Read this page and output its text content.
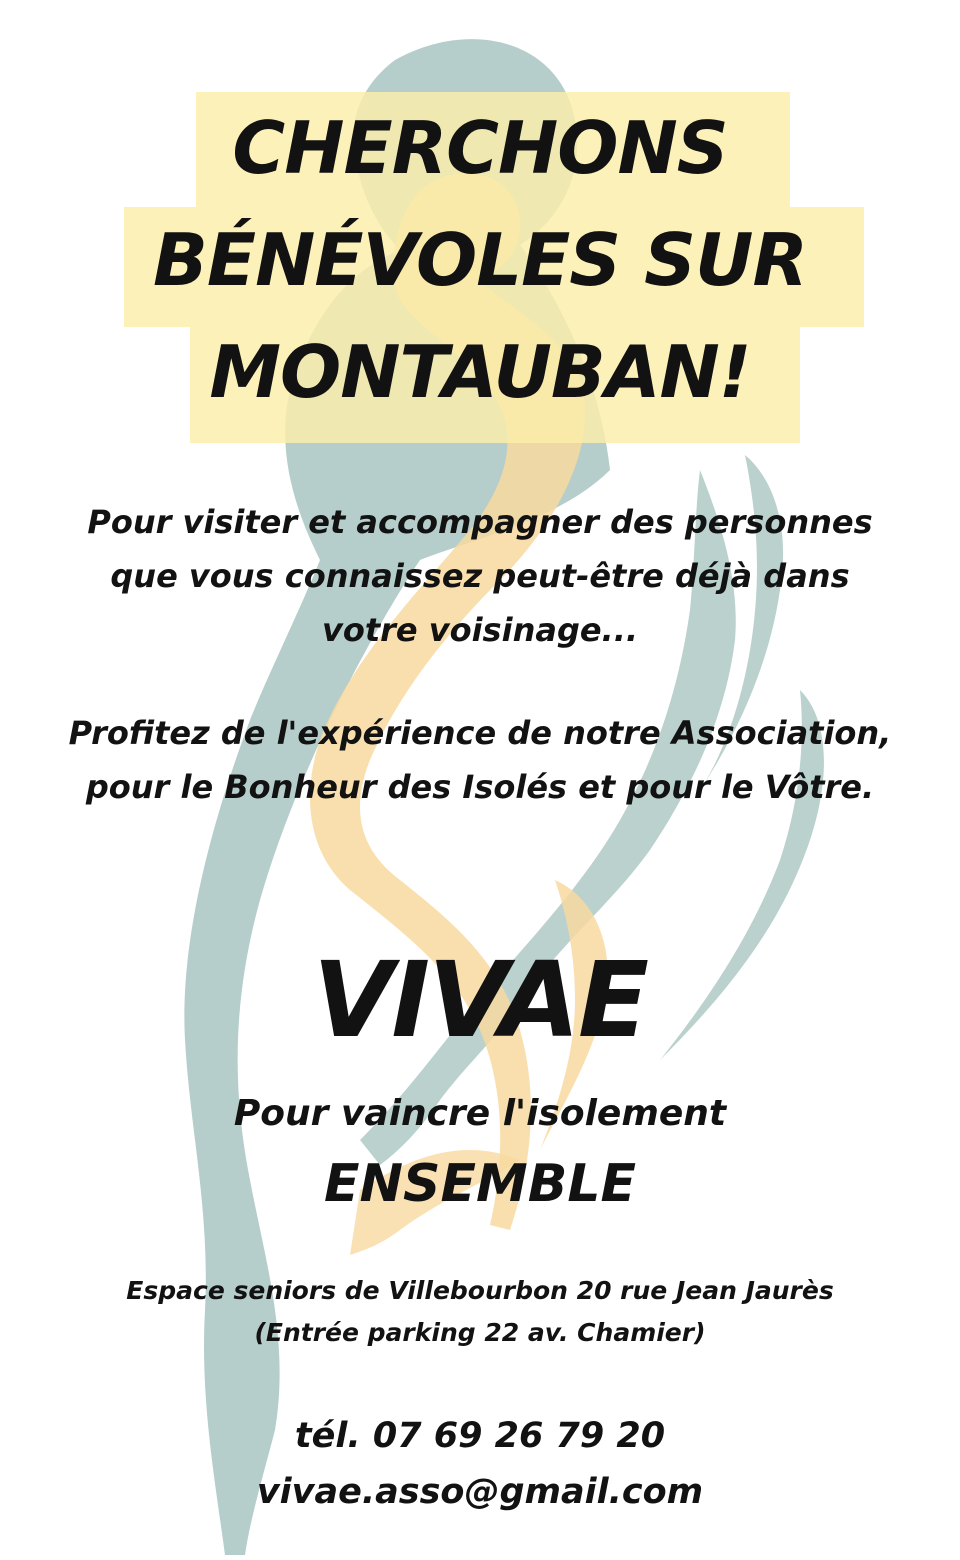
CHERCHONS
BÉNÉVOLES SUR
MONTAUBAN!
Pour visiter et accompagner des personnes
que vous connaissez peut-être déjà dans
votre voisinage...
Profitez de l'expérience de notre Association,
pour le Bonheur des Isolés et pour le Vôtre.
VIVAE
Pour vaincre l'isolement
ENSEMBLE
Espace seniors de Villebourbon 20 rue Jean Jaurès
(Entrée parking 22 av. Chamier)
tél. 07 69 26 79 20
vivae.asso@gmail.com
